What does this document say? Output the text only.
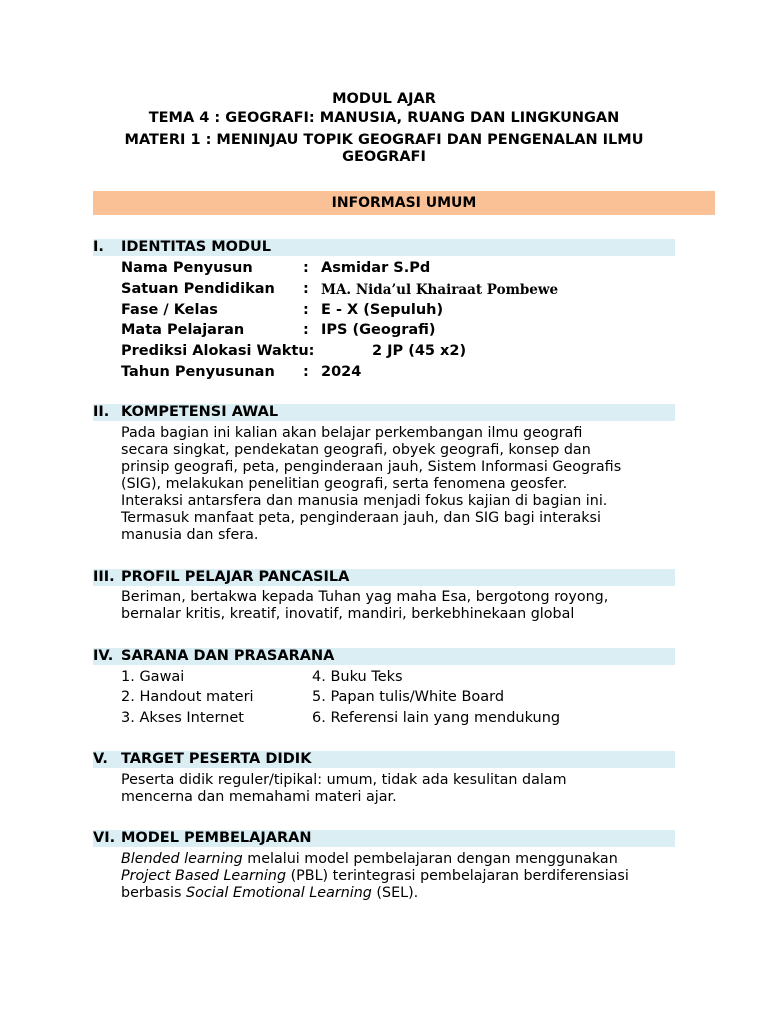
MODUL AJAR
TEMA 4 : GEOGRAFI: MANUSIA, RUANG DAN LINGKUNGAN
MATERI 1 : MENINJAU TOPIK GEOGRAFI DAN PENGENALAN ILMU
GEOGRAFI
INFORMASI UMUM
I. IDENTITAS MODUL
Nama Penyusun	: Asmidar S.Pd
Satuan Pendidikan : MA. Nida’ul Khairaat Pombewe
Fase / Kelas	: E - X (Sepuluh)
Mata Pelajaran	: IPS (Geografi)
Prediksi Alokasi Waktu:	2 JP (45 x2)
Tahun Penyusunan : 2024
II. KOMPETENSI AWAL
Pada bagian ini kalian akan belajar perkembangan ilmu geografi
secara singkat, pendekatan geografi, obyek geografi, konsep dan
prinsip geografi, peta, penginderaan jauh, Sistem Informasi Geografis
(SIG), melakukan penelitian geografi, serta fenomena geosfer.
Interaksi antarsfera dan manusia menjadi fokus kajian di bagian ini.
Termasuk manfaat peta, penginderaan jauh, dan SIG bagi interaksi
manusia dan sfera.
III. PROFIL PELAJAR PANCASILA
Beriman, bertakwa kepada Tuhan yag maha Esa, bergotong royong,
bernalar kritis, kreatif, inovatif, mandiri, berkebhinekaan global
IV. SARANA DAN PRASARANA
1. Gawai
2. Handout materi
3. Akses Internet
4. Buku Teks
5. Papan tulis/White Board
6. Referensi lain yang mendukung
V. TARGET PESERTA DIDIK
Peserta didik reguler/tipikal: umum, tidak ada kesulitan dalam
mencerna dan memahami materi ajar.
VI. MODEL PEMBELAJARAN
Blended learning melalui model pembelajaran dengan menggunakan
Project Based Learning (PBL) terintegrasi pembelajaran berdiferensiasi
berbasis Social Emotional Learning (SEL).
